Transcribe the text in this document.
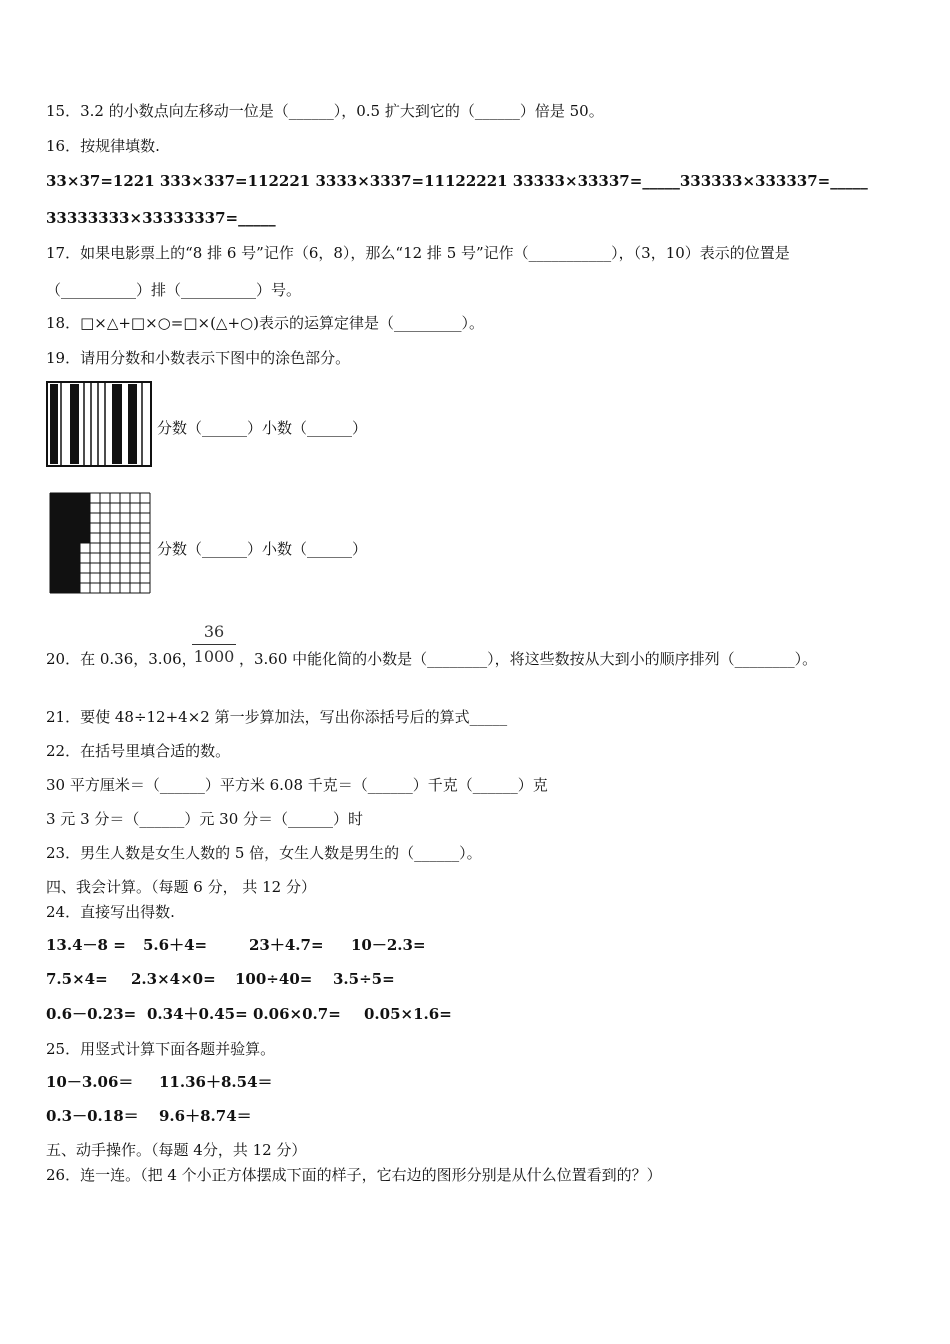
15．3.2 的小数点向左移动一位是（______），0.5 扩大到它的（______）倍是 50。
16．按规律填数.
33×37=1221 333×337=112221 3333×3337=11122221 33333×33337=_____333333×333337=_____
33333333×33333337=_____
17．如果电影票上的“8 排 6 号”记作（6，8），那么“12 排 5 号”记作（___________），（3，10）表示的位置是
（__________）排（__________）号。
18．□×△+□×○=□×(△+○)表示的运算定律是（_________）。
19．请用分数和小数表示下图中的涂色部分。
分数（______）小数（______）
分数（______）小数（______）
20．在 0.36，3.06，
36
1000 ，3.60 中能化简的小数是（________），将这些数按从大到小的顺序排列（________）。
21．要使 48÷12+4×2 第一步算加法，写出你添括号后的算式_____
22．在括号里填合适的数。
30 平方厘米＝（______）平方米 6.08 千克＝（______）千克（______）克
3 元 3 分＝（______）元 30 分＝（______）时
23．男生人数是女生人数的 5 倍，女生人数是男生的（______）。
四、我会计算。（每题 6 分， 共 12 分）
24．直接写出得数.
13.4－8 = 5.6＋4=	23＋4.7= 10－2.3=
7.5×4= 2.3×4×0= 100÷40= 3.5÷5=
0.6－0.23= 0.34＋0.45= 0.06×0.7= 0.05×1.6=
25．用竖式计算下面各题并验算。
10－3.06＝ 11.36＋8.54＝
0.3－0.18＝ 9.6＋8.74＝
五、动手操作。（每题 4分，共 12 分）
26．连一连。（把 4 个小正方体摆成下面的样子，它右边的图形分别是从什么位置看到的？）
